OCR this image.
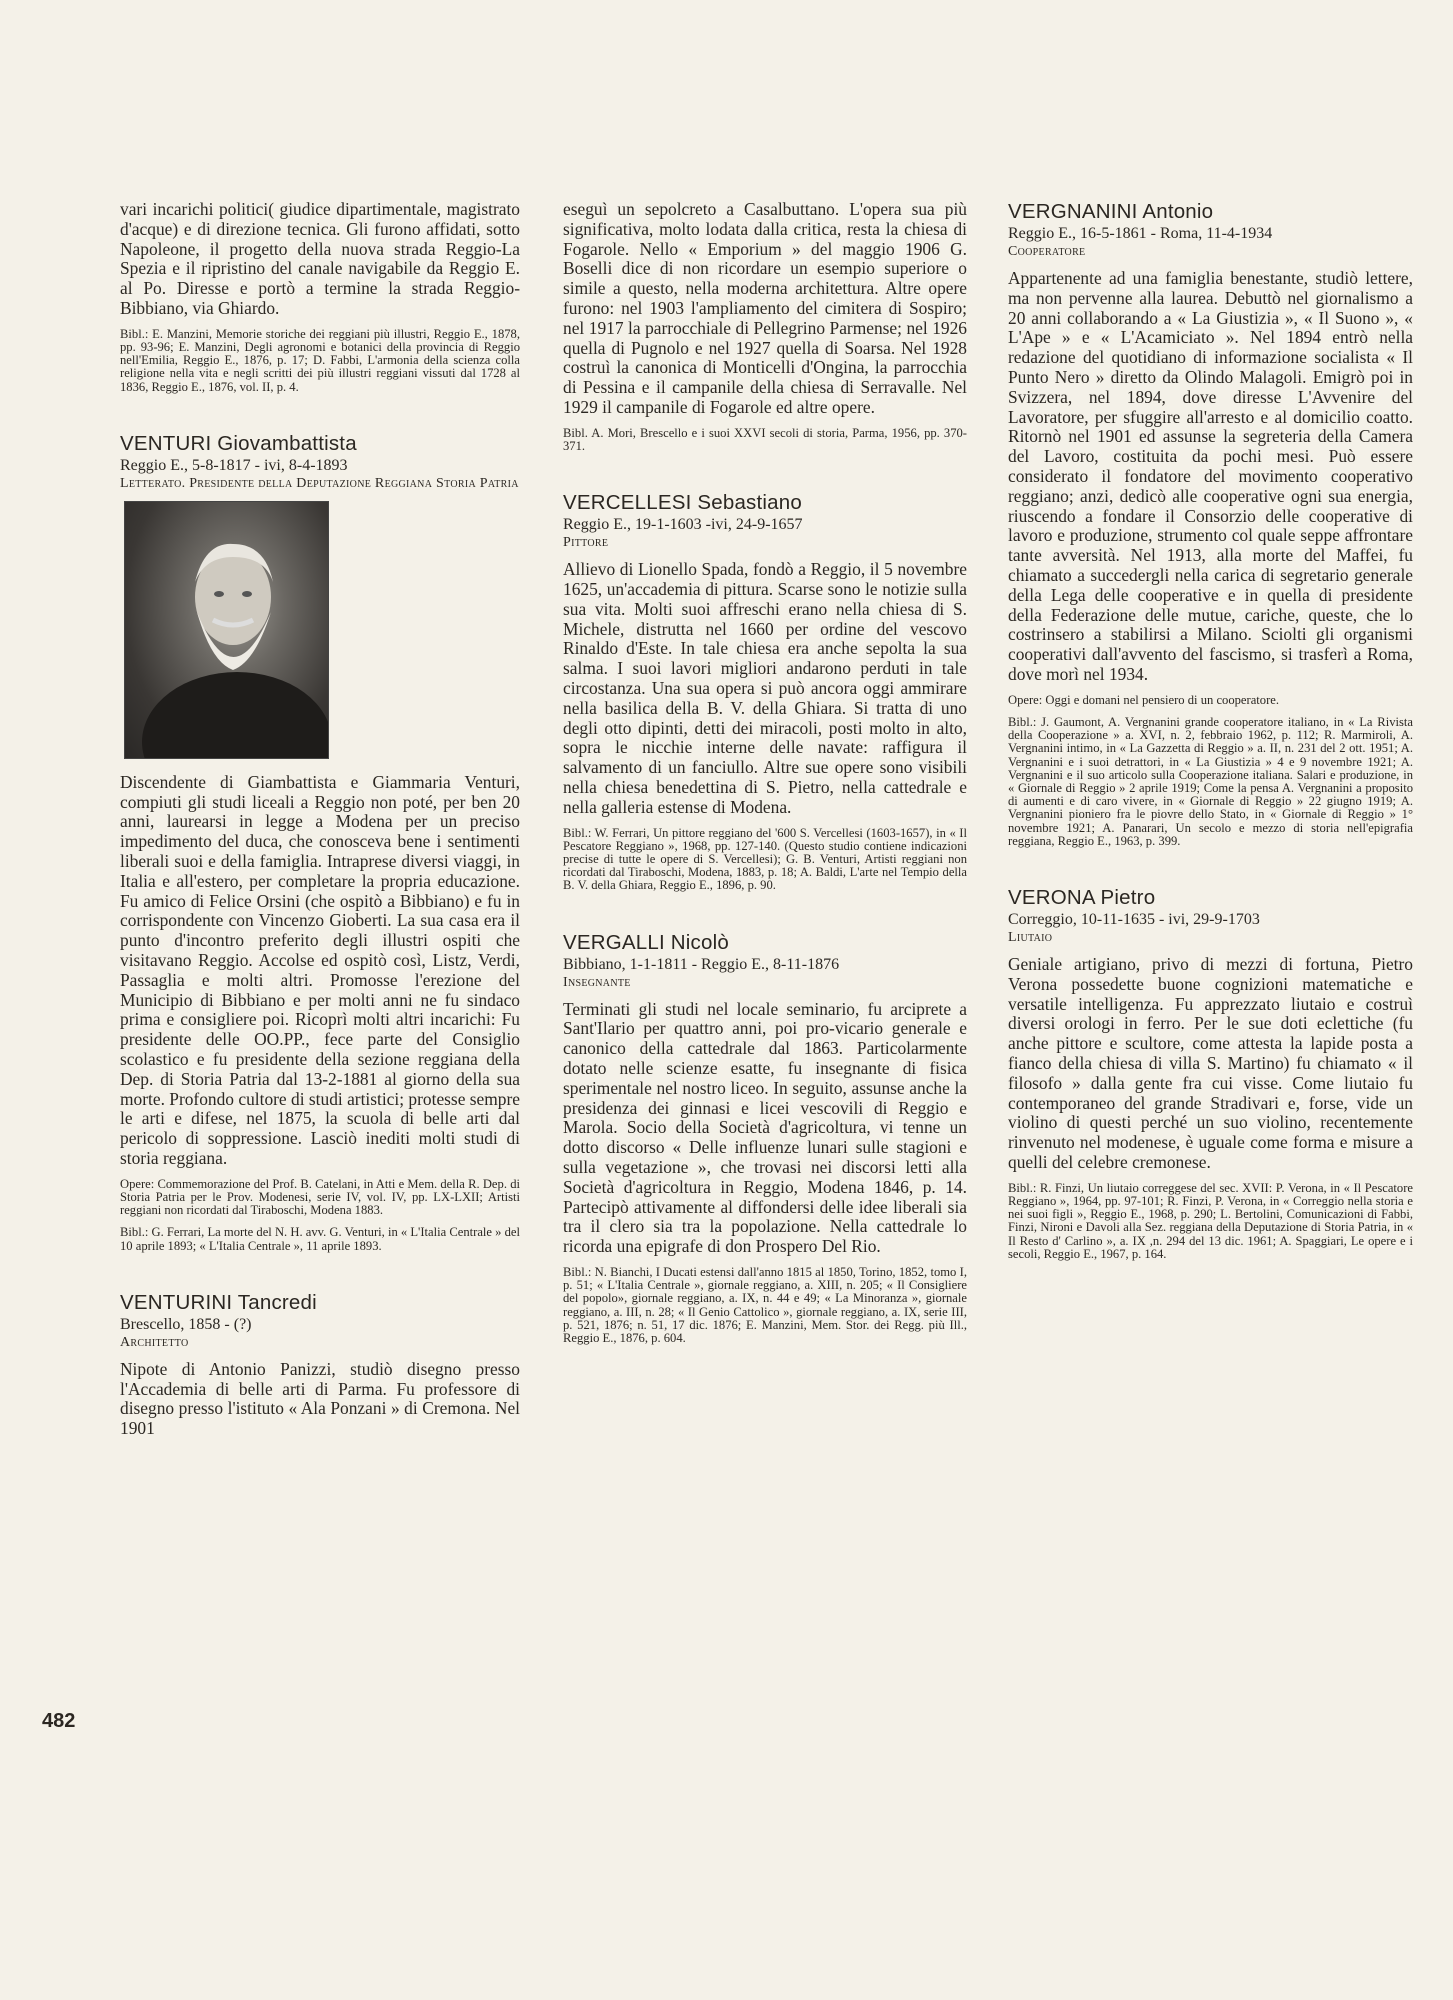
vari incarichi politici( giudice dipartimentale, magistrato d'acque) e di direzione tecnica. Gli furono affidati, sotto Napoleone, il progetto della nuova strada Reggio-La Spezia e il ripristino del canale navigabile da Reggio E. al Po. Diresse e portò a termine la strada Reggio-Bibbiano, via Ghiardo.

Bibl.: E. Manzini, Memorie storiche dei reggiani più illustri, Reggio E., 1878, pp. 93-96; E. Manzini, Degli agronomi e botanici della provincia di Reggio nell'Emilia, Reggio E., 1876, p. 17; D. Fabbi, L'armonia della scienza colla religione nella vita e negli scritti dei più illustri reggiani vissuti dal 1728 al 1836, Reggio E., 1876, vol. II, p. 4.

VENTURI Giovambattista

Reggio E., 5-8-1817 - ivi, 8-4-1893

Letterato. Presidente della Deputazione Reggiana Storia Patria

Discendente di Giambattista e Giammaria Venturi, compiuti gli studi liceali a Reggio non poté, per ben 20 anni, laurearsi in legge a Modena per un preciso impedimento del duca, che conosceva bene i sentimenti liberali suoi e della famiglia. Intraprese diversi viaggi, in Italia e all'estero, per completare la propria educazione. Fu amico di Felice Orsini (che ospitò a Bibbiano) e fu in corrispondente con Vincenzo Gioberti. La sua casa era il punto d'incontro preferito degli illustri ospiti che visitavano Reggio. Accolse ed ospitò così, Listz, Verdi, Passaglia e molti altri. Promosse l'erezione del Municipio di Bibbiano e per molti anni ne fu sindaco prima e consigliere poi. Ricoprì molti altri incarichi: Fu presidente delle OO.PP., fece parte del Consiglio scolastico e fu presidente della sezione reggiana della Dep. di Storia Patria dal 13-2-1881 al giorno della sua morte. Profondo cultore di studi artistici; protesse sempre le arti e difese, nel 1875, la scuola di belle arti dal pericolo di soppressione. Lasciò inediti molti studi di storia reggiana.

Opere: Commemorazione del Prof. B. Catelani, in Atti e Mem. della R. Dep. di Storia Patria per le Prov. Modenesi, serie IV, vol. IV, pp. LX-LXII; Artisti reggiani non ricordati dal Tiraboschi, Modena 1883.

Bibl.: G. Ferrari, La morte del N. H. avv. G. Venturi, in « L'Italia Centrale » del 10 aprile 1893; « L'Italia Centrale », 11 aprile 1893.

VENTURINI Tancredi

Brescello, 1858 - (?)

Architetto

Nipote di Antonio Panizzi, studiò disegno presso l'Accademia di belle arti di Parma. Fu professore di disegno presso l'istituto « Ala Ponzani » di Cremona. Nel 1901

482

eseguì un sepolcreto a Casalbuttano. L'opera sua più significativa, molto lodata dalla critica, resta la chiesa di Fogarole. Nello « Emporium » del maggio 1906 G. Boselli dice di non ricordare un esempio superiore o simile a questo, nella moderna architettura. Altre opere furono: nel 1903 l'ampliamento del cimitera di Sospiro; nel 1917 la parrocchiale di Pellegrino Parmense; nel 1926 quella di Pugnolo e nel 1927 quella di Soarsa. Nel 1928 costruì la canonica di Monticelli d'Ongina, la parrocchia di Pessina e il campanile della chiesa di Serravalle. Nel 1929 il campanile di Fogarole ed altre opere.

Bibl. A. Mori, Brescello e i suoi XXVI secoli di storia, Parma, 1956, pp. 370-371.

VERCELLESI Sebastiano

Reggio E., 19-1-1603 -ivi, 24-9-1657

Pittore

Allievo di Lionello Spada, fondò a Reggio, il 5 novembre 1625, un'accademia di pittura. Scarse sono le notizie sulla sua vita. Molti suoi affreschi erano nella chiesa di S. Michele, distrutta nel 1660 per ordine del vescovo Rinaldo d'Este. In tale chiesa era anche sepolta la sua salma. I suoi lavori migliori andarono perduti in tale circostanza. Una sua opera si può ancora oggi ammirare nella basilica della B. V. della Ghiara. Si tratta di uno degli otto dipinti, detti dei miracoli, posti molto in alto, sopra le nicchie interne delle navate: raffigura il salvamento di un fanciullo. Altre sue opere sono visibili nella chiesa benedettina di S. Pietro, nella cattedrale e nella galleria estense di Modena.

Bibl.: W. Ferrari, Un pittore reggiano del '600 S. Vercellesi (1603-1657), in « Il Pescatore Reggiano », 1968, pp. 127-140. (Questo studio contiene indicazioni precise di tutte le opere di S. Vercellesi); G. B. Venturi, Artisti reggiani non ricordati dal Tiraboschi, Modena, 1883, p. 18; A. Baldi, L'arte nel Tempio della B. V. della Ghiara, Reggio E., 1896, p. 90.

VERGALLI Nicolò

Bibbiano, 1-1-1811 - Reggio E., 8-11-1876

Insegnante

Terminati gli studi nel locale seminario, fu arciprete a Sant'Ilario per quattro anni, poi pro-vicario generale e canonico della cattedrale dal 1863. Particolarmente dotato nelle scienze esatte, fu insegnante di fisica sperimentale nel nostro liceo. In seguito, assunse anche la presidenza dei ginnasi e licei vescovili di Reggio e Marola. Socio della Società d'agricoltura, vi tenne un dotto discorso « Delle influenze lunari sulle stagioni e sulla vegetazione », che trovasi nei discorsi letti alla Società d'agricoltura in Reggio, Modena 1846, p. 14. Partecipò attivamente al diffondersi delle idee liberali sia tra il clero sia tra la popolazione. Nella cattedrale lo ricorda una epigrafe di don Prospero Del Rio.

Bibl.: N. Bianchi, I Ducati estensi dall'anno 1815 al 1850, Torino, 1852, tomo I, p. 51; « L'Italia Centrale », giornale reggiano, a. XIII, n. 205; « Il Consigliere del popolo», giornale reggiano, a. IX, n. 44 e 49; « La Minoranza », giornale reggiano, a. III, n. 28; « Il Genio Cattolico », giornale reggiano, a. IX, serie III, p. 521, 1876; n. 51, 17 dic. 1876; E. Manzini, Mem. Stor. dei Regg. più Ill., Reggio E., 1876, p. 604.

VERGNANINI Antonio

Reggio E., 16-5-1861 - Roma, 11-4-1934

Cooperatore

Appartenente ad una famiglia benestante, studiò lettere, ma non pervenne alla laurea. Debuttò nel giornalismo a 20 anni collaborando a « La Giustizia », « Il Suono », « L'Ape » e « L'Acamiciato ». Nel 1894 entrò nella redazione del quotidiano di informazione socialista « Il Punto Nero » diretto da Olindo Malagoli. Emigrò poi in Svizzera, nel 1894, dove diresse L'Avvenire del Lavoratore, per sfuggire all'arresto e al domicilio coatto. Ritornò nel 1901 ed assunse la segreteria della Camera del Lavoro, costituita da pochi mesi. Può essere considerato il fondatore del movimento cooperativo reggiano; anzi, dedicò alle cooperative ogni sua energia, riuscendo a fondare il Consorzio delle cooperative di lavoro e produzione, strumento col quale seppe affrontare tante avversità. Nel 1913, alla morte del Maffei, fu chiamato a succedergli nella carica di segretario generale della Lega delle cooperative e in quella di presidente della Federazione delle mutue, cariche, queste, che lo costrinsero a stabilirsi a Milano. Sciolti gli organismi cooperativi dall'avvento del fascismo, si trasferì a Roma, dove morì nel 1934.

Opere: Oggi e domani nel pensiero di un cooperatore.

Bibl.: J. Gaumont, A. Vergnanini grande cooperatore italiano, in « La Rivista della Cooperazione » a. XVI, n. 2, febbraio 1962, p. 112; R. Marmiroli, A. Vergnanini intimo, in « La Gazzetta di Reggio » a. II, n. 231 del 2 ott. 1951; A. Vergnanini e i suoi detrattori, in « La Giustizia » 4 e 9 novembre 1921; A. Vergnanini e il suo articolo sulla Cooperazione italiana. Salari e produzione, in « Giornale di Reggio » 2 aprile 1919; Come la pensa A. Vergnanini a proposito di aumenti e di caro vivere, in « Giornale di Reggio » 22 giugno 1919; A. Vergnanini pioniero fra le piovre dello Stato, in « Giornale di Reggio » 1° novembre 1921; A. Panarari, Un secolo e mezzo di storia nell'epigrafia reggiana, Reggio E., 1963, p. 399.

VERONA Pietro

Correggio, 10-11-1635 - ivi, 29-9-1703

Liutaio

Geniale artigiano, privo di mezzi di fortuna, Pietro Verona possedette buone cognizioni matematiche e versatile intelligenza. Fu apprezzato liutaio e costruì diversi orologi in ferro. Per le sue doti eclettiche (fu anche pittore e scultore, come attesta la lapide posta a fianco della chiesa di villa S. Martino) fu chiamato « il filosofo » dalla gente fra cui visse. Come liutaio fu contemporaneo del grande Stradivari e, forse, vide un violino di questi perché un suo violino, recentemente rinvenuto nel modenese, è uguale come forma e misure a quelli del celebre cremonese.

Bibl.: R. Finzi, Un liutaio correggese del sec. XVII: P. Verona, in « Il Pescatore Reggiano », 1964, pp. 97-101; R. Finzi, P. Verona, in « Correggio nella storia e nei suoi figli », Reggio E., 1968, p. 290; L. Bertolini, Comunicazioni di Fabbi, Finzi, Nironi e Davoli alla Sez. reggiana della Deputazione di Storia Patria, in « Il Resto d' Carlino », a. IX ,n. 294 del 13 dic. 1961; A. Spaggiari, Le opere e i secoli, Reggio E., 1967, p. 164.
